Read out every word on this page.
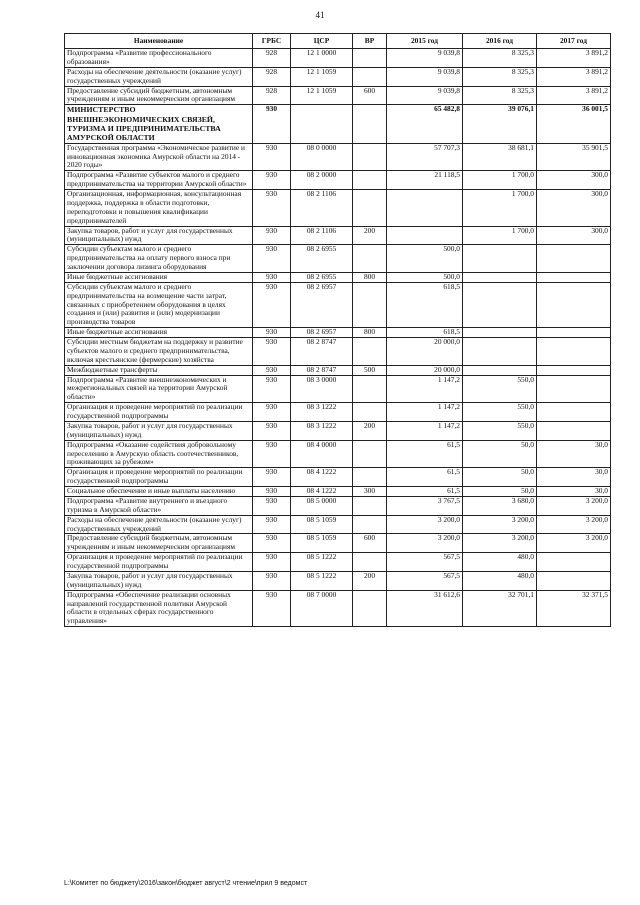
41
Наименование	ГРБС	ЦСР	ВР	2015 год	2016 год	2017 год
Подпрограмма «Развитие профессионального образования»	928	12 1 0000		9 039,8	8 325,3	3 891,2
Расходы на обеспечение деятельности (оказание услуг) государственных учреждений	928	12 1 1059		9 039,8	8 325,3	3 891,2
Предоставление субсидий бюджетным, автономным учреждениям и иным некоммерческим организациям	928	12 1 1059	600	9 039,8	8 325,3	3 891,2
МИНИСТЕРСТВО ВНЕШНЕЭКОНОМИЧЕСКИХ СВЯЗЕЙ, ТУРИЗМА И ПРЕДПРИНИМАТЕЛЬСТВА АМУРСКОЙ ОБЛАСТИ	930			65 482,8	39 076,1	36 001,5
Государственная программа «Экономическое развитие и инновационная экономика Амурской области на 2014 - 2020 годы»	930	08 0 0000		57 707,3	38 681,1	35 901,5
Подпрограмма «Развитие субъектов малого и среднего предпринимательства на территории Амурской области»	930	08 2 0000		21 118,5	1 700,0	300,0
Организационная, информационная, консультационная поддержка, поддержка в области подготовки, переподготовки и повышения квалификации предпринимателей	930	08 2 1106			1 700,0	300,0
Закупка товаров, работ и услуг для государственных (муниципальных) нужд	930	08 2 1106	200		1 700,0	300,0
Субсидии субъектам малого и среднего предпринимательства на оплату первого взноса при заключении договора лизинга оборудования	930	08 2 6955		500,0		
Иные бюджетные ассигнования	930	08 2 6955	800	500,0		
Субсидии субъектам малого и среднего предпринимательства на возмещение части затрат, связанных с приобретением оборудования в целях создания и (или) развития и (или) модернизации производства товаров	930	08 2 6957		618,5		
Иные бюджетные ассигнования	930	08 2 6957	800	618,5		
Субсидии местным бюджетам на поддержку и развитие субъектов малого и среднего предпринимательства, включая крестьянские (фермерские) хозяйства	930	08 2 8747		20 000,0		
Межбюджетные трансферты	930	08 2 8747	500	20 000,0		
Подпрограмма «Развитие внешнеэкономических и межрегиональных связей на территории Амурской области»	930	08 3 0000		1 147,2	550,0	
Организация и проведение мероприятий по реализации государственной подпрограммы	930	08 3 1222		1 147,2	550,0	
Закупка товаров, работ и услуг для государственных (муниципальных) нужд	930	08 3 1222	200	1 147,2	550,0	
Подпрограмма «Оказание содействия добровольному переселению в Амурскую область соотечественников, проживающих за рубежом»	930	08 4 0000		61,5	50,0	30,0
Организация и проведение мероприятий по реализации государственной подпрограммы	930	08 4 1222		61,5	50,0	30,0
Социальное обеспечение и иные выплаты населению	930	08 4 1222	300	61,5	50,0	30,0
Подпрограмма «Развитие внутреннего и въездного туризма в Амурской области»	930	08 5 0000		3 767,5	3 680,0	3 200,0
Расходы на обеспечение деятельности (оказание услуг) государственных учреждений	930	08 5 1059		3 200,0	3 200,0	3 200,0
Предоставление субсидий бюджетным, автономным учреждениям и иным некоммерческим организациям	930	08 5 1059	600	3 200,0	3 200,0	3 200,0
Организация и проведение мероприятий по реализации государственной подпрограммы	930	08 5 1222		567,5	480,0	
Закупка товаров, работ и услуг для государственных (муниципальных) нужд	930	08 5 1222	200	567,5	480,0	
Подпрограмма «Обеспечение реализации основных направлений государственной политики Амурской области в отдельных сферах государственного управления»	930	08 7 0000		31 612,6	32 701,1	32 371,5
L:\Комитет по бюджету\2016\закон\бюджет август\2 чтение\прил 9 ведомст
